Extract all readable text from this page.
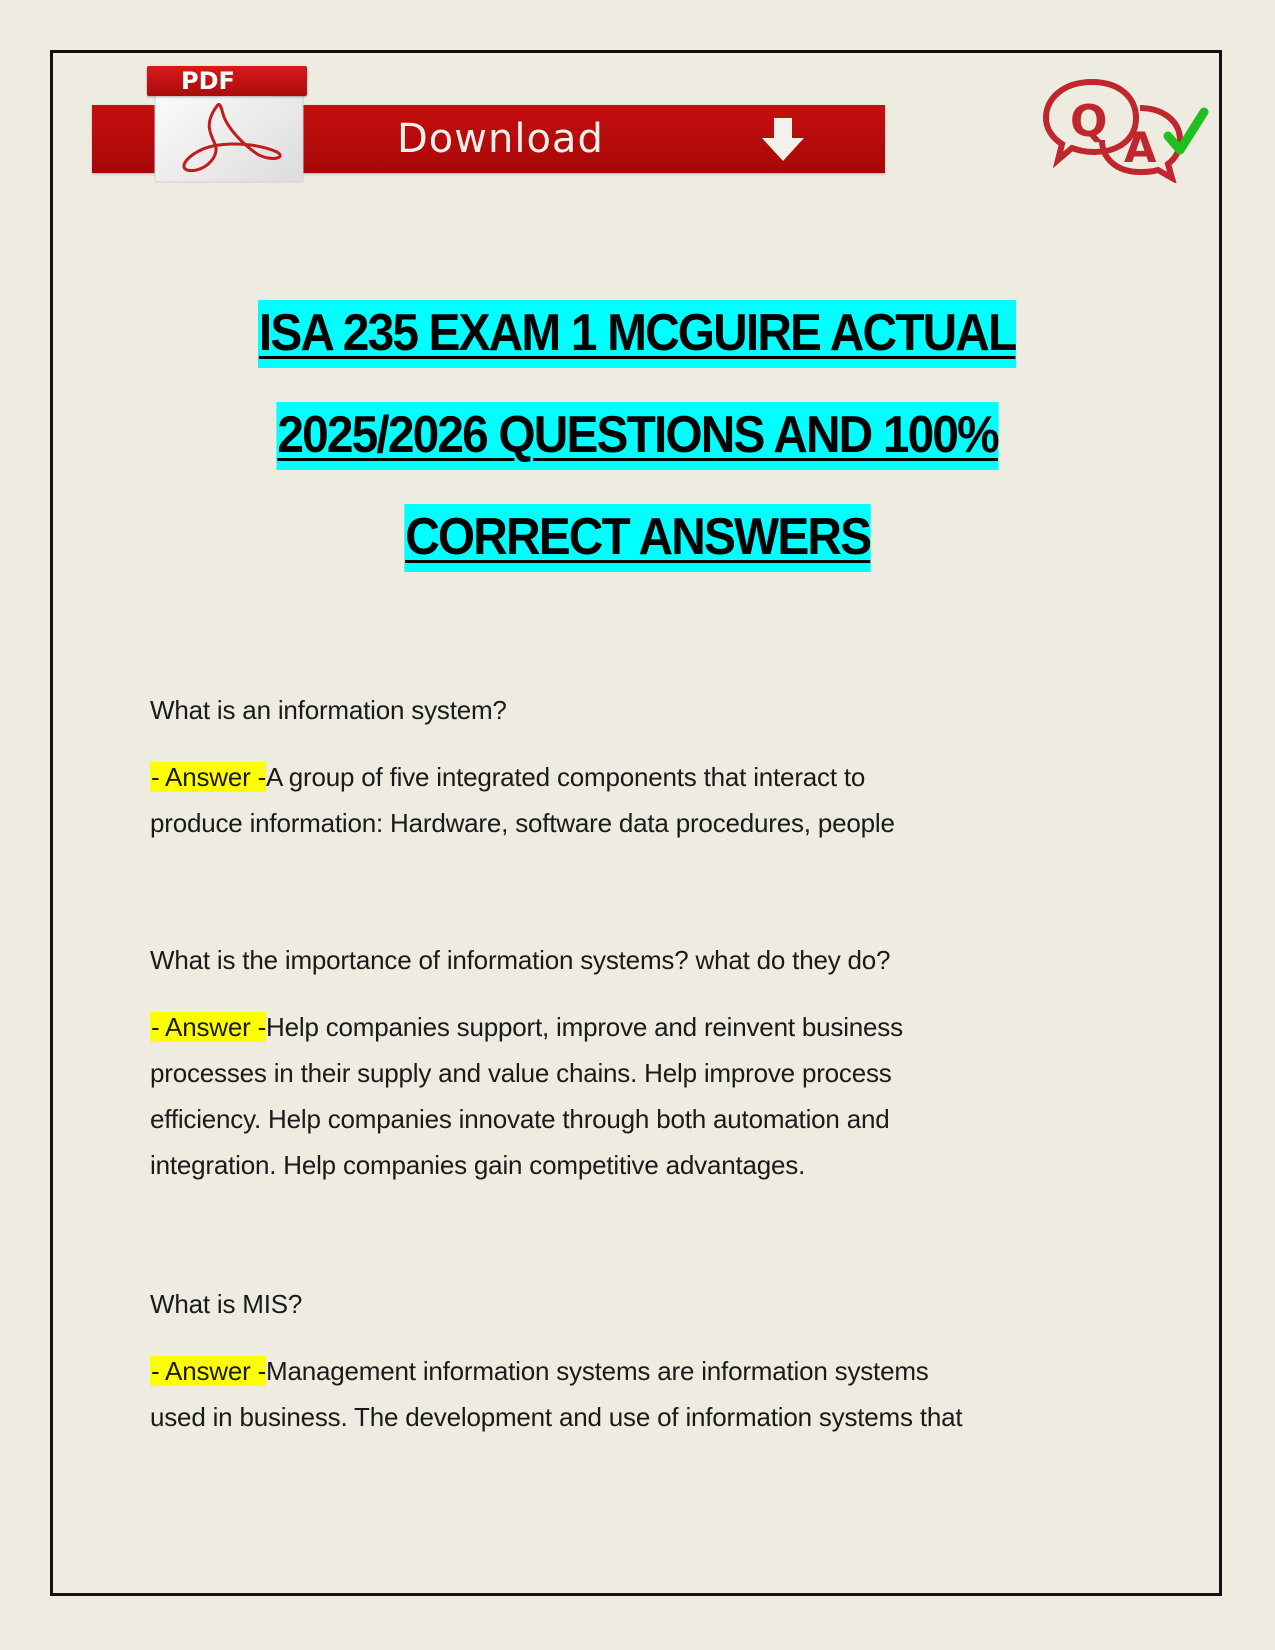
Download
PDF
Q
A
ISA 235 EXAM 1 MCGUIRE ACTUAL
2025/2026 QUESTIONS AND 100%
CORRECT ANSWERS

What is an information system?

- Answer -A group of five integrated components that interact to
produce information: Hardware, software data procedures, people

What is the importance of information systems? what do they do?

- Answer -Help companies support, improve and reinvent business
processes in their supply and value chains. Help improve process
efficiency. Help companies innovate through both automation and
integration. Help companies gain competitive advantages.

What is MIS?

- Answer -Management information systems are information systems
used in business. The development and use of information systems that
